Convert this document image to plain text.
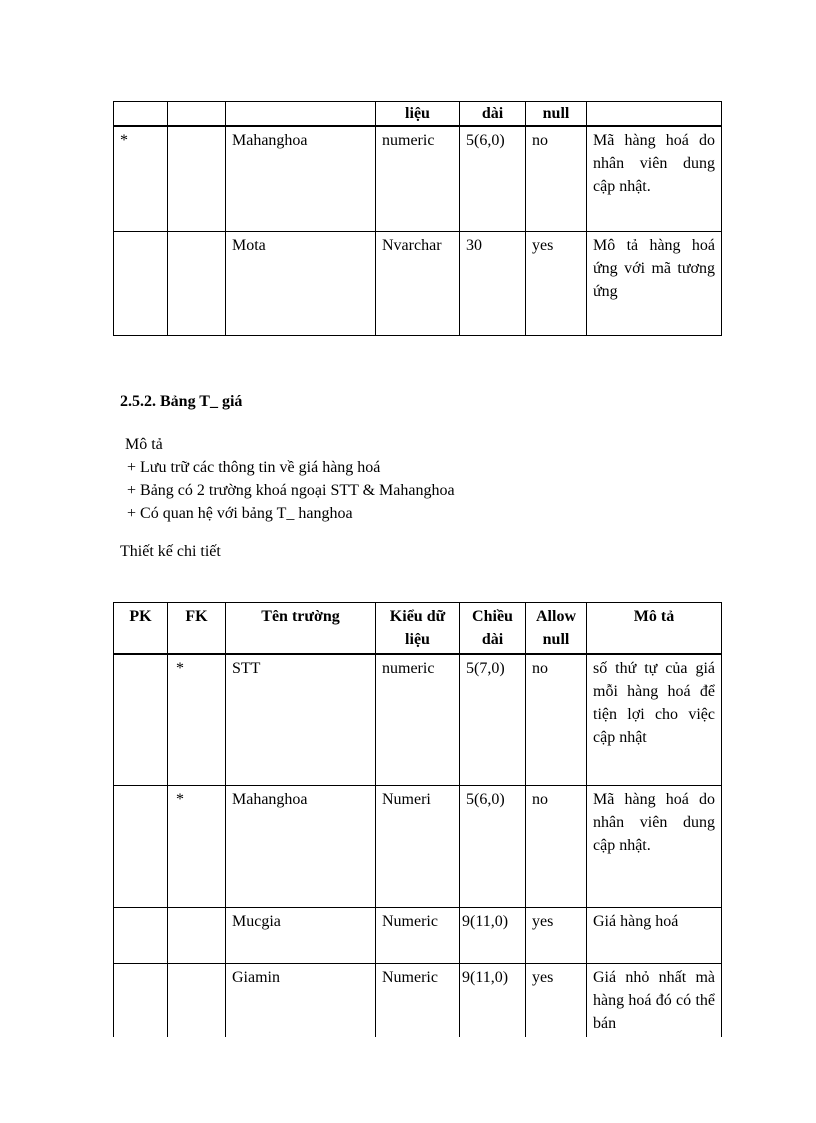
			liệu	dài	null	
*		Mahanghoa	numeric	5(6,0)	no	Mã hàng hoá do nhân viên dung cập nhật.
		Mota	Nvarchar	30	yes	Mô tả hàng hoá ứng với mã tương ứng
2.5.2. Bảng T_ giá
Mô tả
+ Lưu trữ các thông tin về giá hàng hoá
+ Bảng có 2 trường khoá ngoại STT & Mahanghoa
+ Có quan hệ với bảng T_ hanghoa
Thiết kế chi tiết
PK	FK	Tên trường	Kiểu dữ liệu	Chiều dài	Allow null	Mô tả
	*	STT	numeric	5(7,0)	no	số thứ tự của giá mỗi hàng hoá để tiện lợi cho việc cập nhật
	*	Mahanghoa	Numeri	5(6,0)	no	Mã hàng hoá do nhân viên dung cập nhật.
		Mucgia	Numeric	9(11,0)	yes	Giá hàng hoá
		Giamin	Numeric	9(11,0)	yes	Giá nhỏ nhất mà hàng hoá đó có thể bán
